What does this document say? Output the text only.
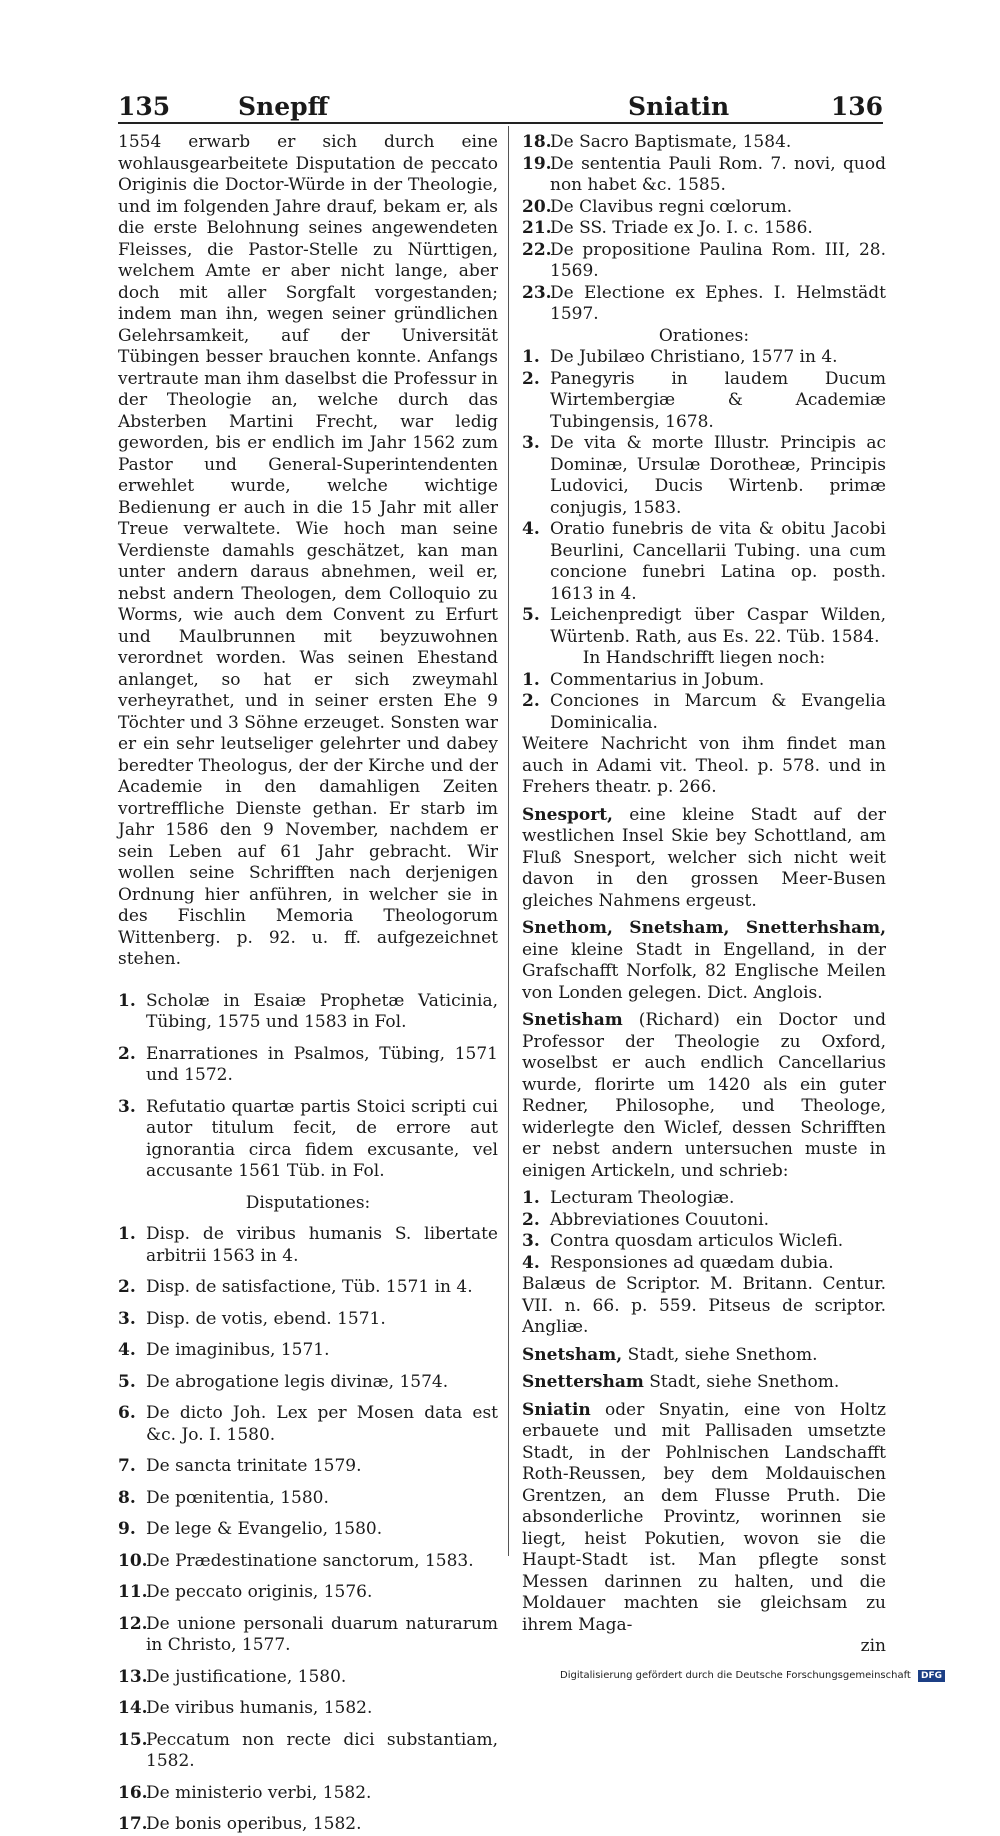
135	Snepff	Sniatin	136

1554 erwarb er sich durch eine wohlausgearbeitete Disputation de peccato Originis die Doctor-Würde in der Theologie, und im folgenden Jahre drauf, bekam er, als die erste Belohnung seines angewendeten Fleisses, die Pastor-Stelle zu Nürttigen, welchem Amte er aber nicht lange, aber doch mit aller Sorgfalt vorgestanden; indem man ihn, wegen seiner gründlichen Gelehrsamkeit, auf der Universität Tübingen besser brauchen konnte. Anfangs vertraute man ihm daselbst die Professur in der Theologie an, welche durch das Absterben Martini Frecht, war ledig geworden, bis er endlich im Jahr 1562 zum Pastor und General-Superintendenten erwehlet wurde, welche wichtige Bedienung er auch in die 15 Jahr mit aller Treue verwaltete. Wie hoch man seine Verdienste damahls geschätzet, kan man unter andern daraus abnehmen, weil er, nebst andern Theologen, dem Colloquio zu Worms, wie auch dem Convent zu Erfurt und Maulbrunnen mit beyzuwohnen verordnet worden. Was seinen Ehestand anlanget, so hat er sich zweymahl verheyrathet, und in seiner ersten Ehe 9 Töchter und 3 Söhne erzeuget. Sonsten war er ein sehr leutseliger gelehrter und dabey beredter Theologus, der der Kirche und der Academie in den damahligen Zeiten vortreffliche Dienste gethan. Er starb im Jahr 1586 den 9 November, nachdem er sein Leben auf 61 Jahr gebracht. Wir wollen seine Schrifften nach derjenigen Ordnung hier anführen, in welcher sie in des Fischlin Memoria Theologorum Wittenberg. p. 92. u. ff. aufgezeichnet stehen.

1. Scholæ in Esaiæ Prophetæ Vaticinia, Tübing, 1575 und 1583 in Fol.
2. Enarrationes in Psalmos, Tübing, 1571 und 1572.
3. Refutatio quartæ partis Stoici scripti cui autor titulum fecit, de errore aut ignorantia circa fidem excusante, vel accusante 1561 Tüb. in Fol.
Disputationes:
1. Disp. de viribus humanis S. libertate arbitrii 1563 in 4.
2. Disp. de satisfactione, Tüb. 1571 in 4.
3. Disp. de votis, ebend. 1571.
4. De imaginibus, 1571.
5. De abrogatione legis divinæ, 1574.
6. De dicto Joh. Lex per Mosen data est &c. Jo. I. 1580.
7. De sancta trinitate 1579.
8. De pœnitentia, 1580.
9. De lege & Evangelio, 1580.
10.
De Prædestinatione sanctorum, 1583.
11.
De peccato originis, 1576.
12.
De unione personali duarum naturarum in Christo, 1577.
13.
De justificatione, 1580.
14.
De viribus humanis, 1582.
15.
Peccatum non recte dici substantiam, 1582.
16.
De ministerio verbi, 1582.
17.
De bonis operibus, 1582.
18.
De Sacro Baptismate, 1584.
19.
De sententia Pauli Rom. 7. novi, quod non habet &c. 1585.
20.
De Clavibus regni cœlorum.
21.
De SS. Triade ex Jo. I. c. 1586.
22.
De propositione Paulina Rom. III, 28. 1569.
23.
De Electione ex Ephes. I. Helmstädt 1597.
Orationes:
1. De Jubilæo Christiano, 1577 in 4.
2. Panegyris in laudem Ducum Wirtembergiæ & Academiæ Tubingensis, 1678.
3. De vita & morte Illustr. Principis ac Dominæ, Ursulæ Dorotheæ, Principis Ludovici, Ducis Wirtenb. primæ conjugis, 1583.
4. Oratio funebris de vita & obitu Jacobi Beurlini, Cancellarii Tubing. una cum concione funebri Latina op. posth. 1613 in 4.
5. Leichenpredigt über Caspar Wilden, Würtenb. Rath, aus Es. 22. Tüb. 1584.
In Handschrifft liegen noch:
1. Commentarius in Jobum.
2. Conciones in Marcum & Evangelia Dominicalia.

Weitere Nachricht von ihm findet man auch in Adami vit. Theol. p. 578. und in Frehers theatr. p. 266.

Snesport, eine kleine Stadt auf der westlichen Insel Skie bey Schottland, am Fluß Snesport, welcher sich nicht weit davon in den grossen Meer-Busen gleiches Nahmens ergeust.
Snethom, Snetsham, Snetterhsham, eine kleine Stadt in Engelland, in der Grafschafft Norfolk, 82 Englische Meilen von Londen gelegen. Dict. Anglois.
Snetisham (Richard) ein Doctor und Professor der Theologie zu Oxford, woselbst er auch endlich Cancellarius wurde, florirte um 1420 als ein guter Redner, Philosophe, und Theologe, widerlegte den Wiclef, dessen Schrifften er nebst andern untersuchen muste in einigen Artickeln, und schrieb:
1. Lecturam Theologiæ.
2. Abbreviationes Couutoni.
3. Contra quosdam articulos Wiclefi.
4. Responsiones ad quædam dubia.

Balæus de Scriptor. M. Britann. Centur. VII. n. 66. p. 559. Pitseus de scriptor. Angliæ.

Snetsham, Stadt, siehe Snethom.
Snettersham Stadt, siehe Snethom.
Sniatin oder Snyatin, eine von Holtz erbauete und mit Pallisaden umsetzte Stadt, in der Pohlnischen Landschafft Roth-Reussen, bey dem Moldauischen Grentzen, an dem Flusse Pruth. Die absonderliche Provintz, worinnen sie liegt, heist Pokutien, wovon sie die Haupt-Stadt ist. Man pflegte sonst Messen darinnen zu halten, und die Moldauer machten sie gleichsam zu ihrem Maga-
zin
Digitalisierung gefördert durch die Deutsche Forschungsgemeinschaft DFG
